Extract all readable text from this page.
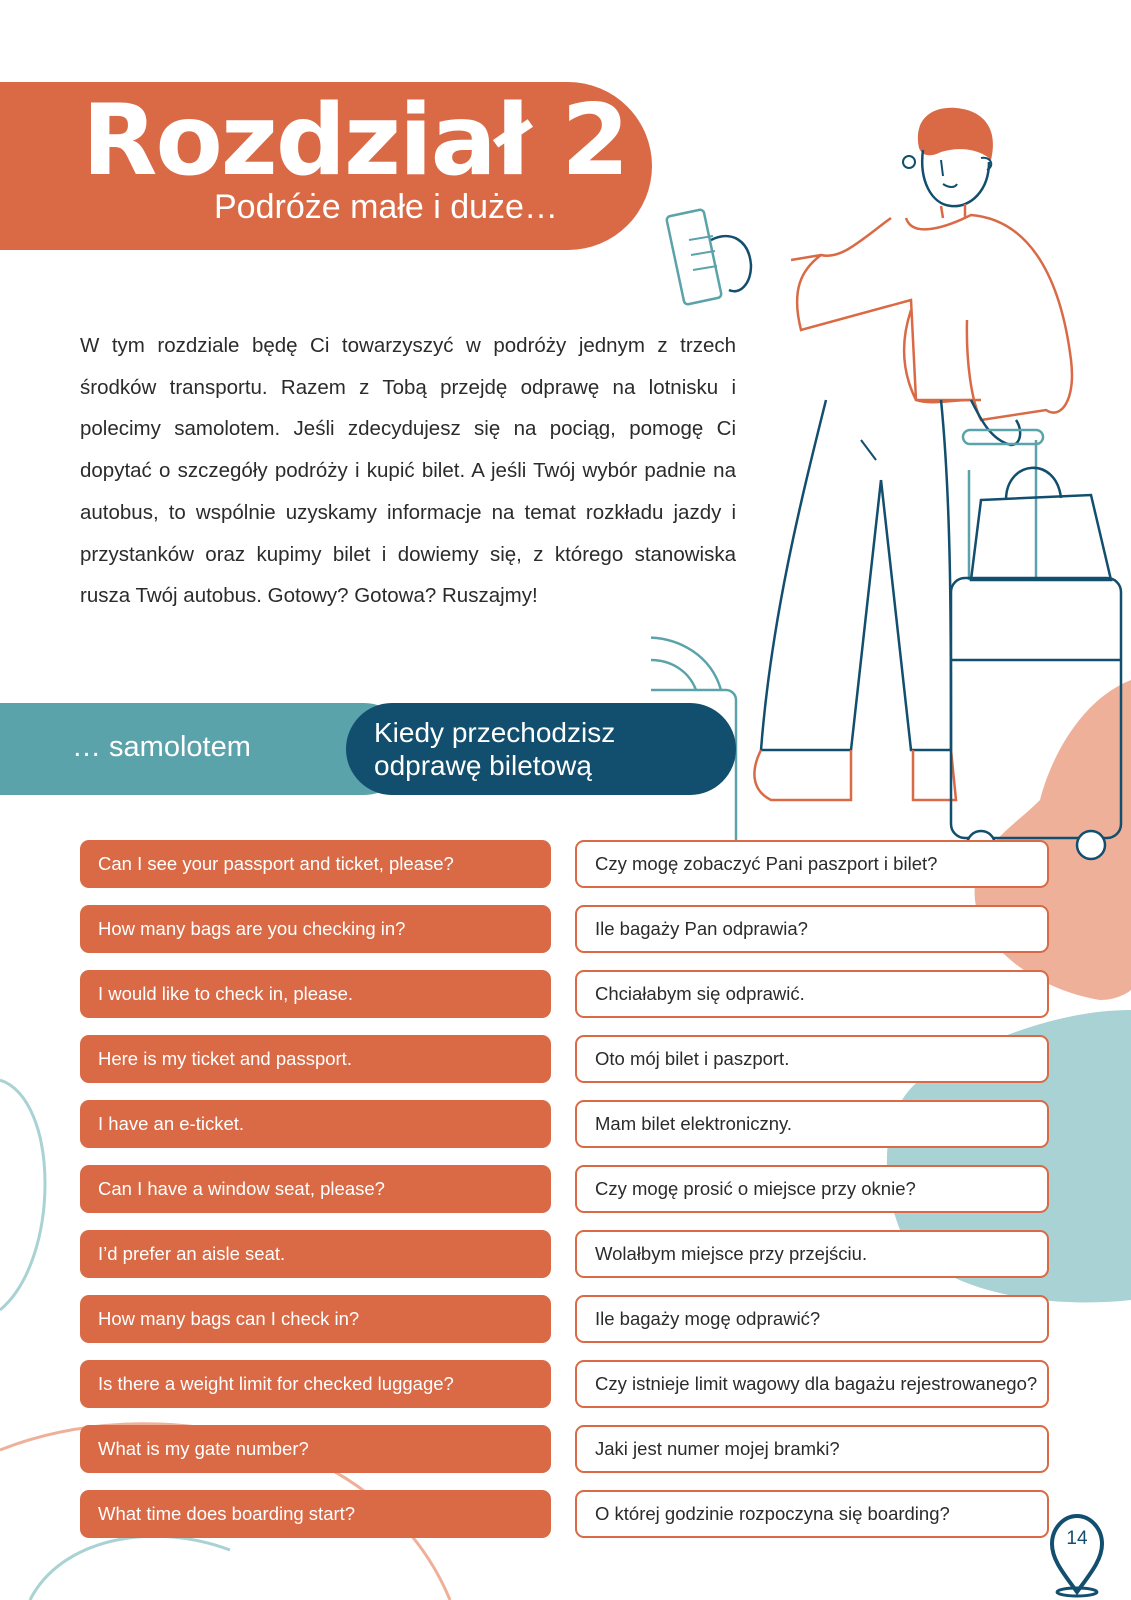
Rozdział 2
Podróże małe i duże…

W tym rozdziale będę Ci towarzyszyć w podróży jednym z trzech środków transportu. Razem z Tobą przejdę odprawę na lotnisku i polecimy samolotem. Jeśli zdecydujesz się na pociąg, pomogę Ci dopytać o szczegóły podróży i kupić bilet. A jeśli Twój wybór padnie na autobus, to wspólnie uzyskamy informacje na temat rozkładu jazdy i przystanków oraz kupimy bilet i dowiemy się, z którego stanowiska rusza Twój autobus. Gotowy? Gotowa? Ruszajmy!

… samolotem	Kiedy przechodzisz
odprawę biletową
Can I see your passport and ticket, please?	Czy mogę zobaczyć Pani paszport i bilet?
How many bags are you checking in?	Ile bagaży Pan odprawia?
I would like to check in, please.	Chciałabym się odprawić.
Here is my ticket and passport.	Oto mój bilet i paszport.
I have an e-ticket.	Mam bilet elektroniczny.
Can I have a window seat, please?	Czy mogę prosić o miejsce przy oknie?
I’d prefer an aisle seat.	Wolałbym miejsce przy przejściu.
How many bags can I check in?	Ile bagaży mogę odprawić?
Is there a weight limit for checked luggage?	Czy istnieje limit wagowy dla bagażu rejestrowanego?
What is my gate number?	Jaki jest numer mojej bramki?
What time does boarding start?	O której godzinie rozpoczyna się boarding?
14
